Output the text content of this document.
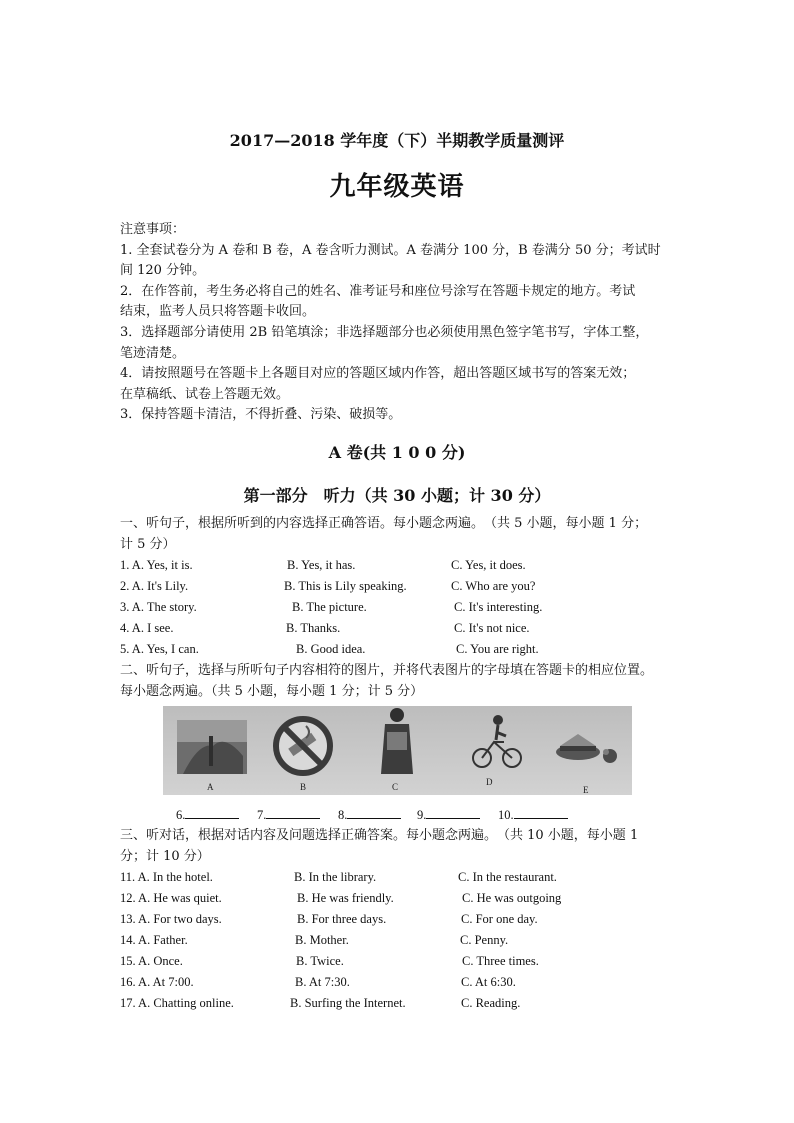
2017—2018 学年度（下）半期教学质量测评
九年级英语

注意事项：

1. 全套试卷分为 A 卷和 B 卷，A 卷含听力测试。A 卷满分 100 分，B 卷满分 50 分；考试时

间 120 分钟。

2．在作答前，考生务必将自己的姓名、准考证号和座位号涂写在答题卡规定的地方。考试

结束，监考人员只将答题卡收回。

3．选择题部分请使用 2B 铅笔填涂；非选择题部分也必须使用黑色签字笔书写，字体工整，

笔迹清楚。

4．请按照题号在答题卡上各题目对应的答题区域内作答，超出答题区域书写的答案无效；

在草稿纸、试卷上答题无效。

3．保持答题卡清洁，不得折叠、污染、破损等。

A 卷(共 1 0 0 分)
第一部分　听力（共 30 小题；计 30 分）
一、听句子，根据所听到的内容选择正确答语。每小题念两遍。　（共 5 小题，每小题 1 分；
计 5 分）
1. A. Yes, it is.	B. Yes, it has.	C. Yes, it does.
2. A. It's Lily.	B. This is Lily speaking.	C. Who are you?
3. A. The story.	B. The picture.	C. It's interesting.
4. A. I see.	B. Thanks.	C. It's not nice.
5. A. Yes, I can.	B. Good idea.	C. You are right.
二、听句子，选择与所听句子内容相符的图片，并将代表图片的字母填在答题卡的相应位置。
每小题念两遍。（共 5 小题，每小题 1 分；计 5 分）
A	B	C	D
E
6.	7.	8.	9.	10.
三、听对话，根据对话内容及问题选择正确答案。每小题念两遍。　（共 10 小题，每小题 1
分；计 10 分）
11. A. In the hotel.	B. In the library.	C. In the restaurant.
12. A. He was quiet.	B. He was friendly.	C. He was outgoing
13. A. For two days.	B. For three days.	C. For one day.
14. A. Father.	B. Mother.	C. Penny.
15. A. Once.	B. Twice.	C. Three times.
16. A. At 7:00.	B. At 7:30.	C. At 6:30.
17. A. Chatting online.	B. Surfing the Internet.	C. Reading.
